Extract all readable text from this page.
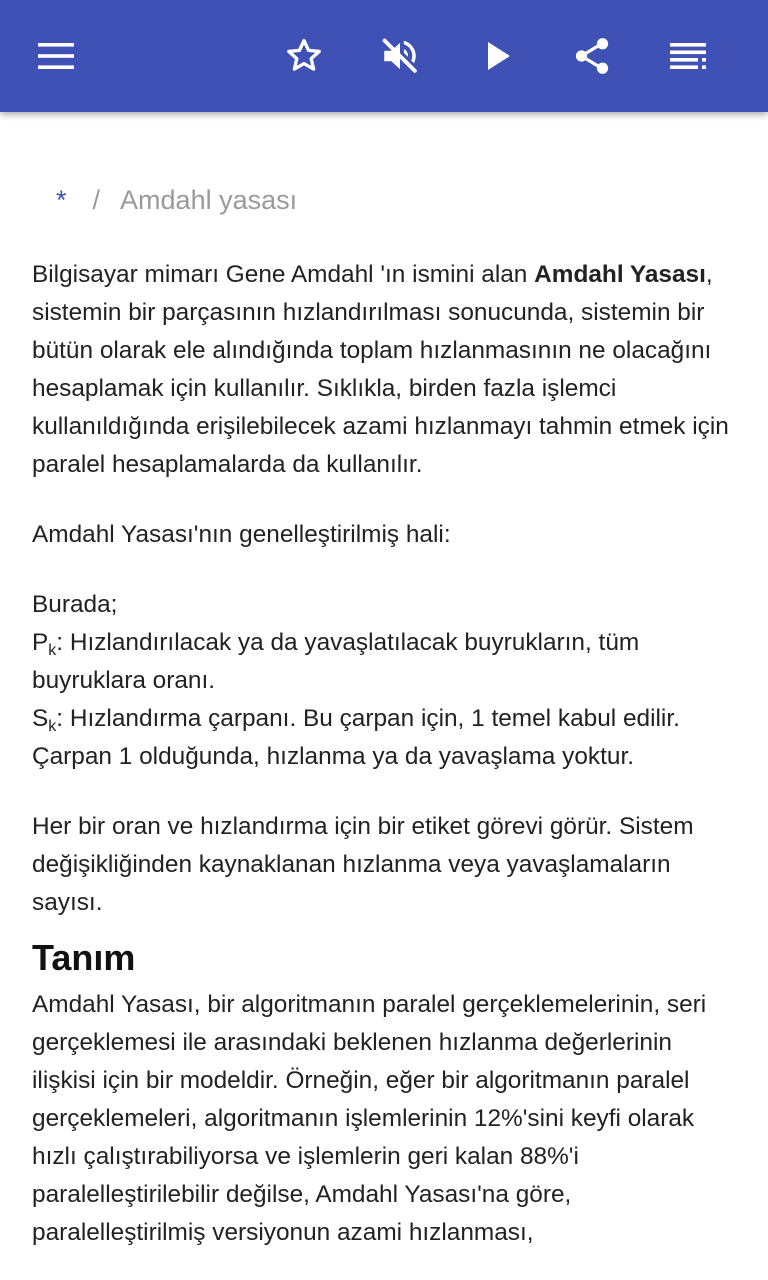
* / Amdahl yasası

Bilgisayar mimarı Gene Amdahl 'ın ismini alan Amdahl Yasası, sistemin bir parçasının hızlandırılması sonucunda, sistemin bir bütün olarak ele alındığında toplam hızlanmasının ne olacağını hesaplamak için kullanılır. Sıklıkla, birden fazla işlemci kullanıldığında erişilebilecek azami hızlanmayı tahmin etmek için paralel hesaplamalarda da kullanılır.

Amdahl Yasası'nın genelleştirilmiş hali:

Burada;

$P_k$: Hızlandırılacak ya da yavaşlatılacak buyrukların, tüm buyruklara oranı.

$S_k$: Hızlandırma çarpanı. Bu çarpan için, 1 temel kabul edilir. Çarpan 1 olduğunda, hızlanma ya da yavaşlama yoktur.

Her bir oran ve hızlandırma için bir etiket görevi görür. Sistem değişikliğinden kaynaklanan hızlanma veya yavaşlamaların sayısı.

Tanım

Amdahl Yasası, bir algoritmanın paralel gerçeklemelerinin, seri gerçeklemesi ile arasındaki beklenen hızlanma değerlerinin ilişkisi için bir modeldir. Örneğin, eğer bir algoritmanın paralel gerçeklemeleri, algoritmanın işlemlerinin 12%'sini keyfi olarak hızlı çalıştırabiliyorsa ve işlemlerin geri kalan 88%'i paralelleştirilebilir değilse, Amdahl Yasası'na göre, paralelleştirilmiş versiyonun azami hızlanması,
